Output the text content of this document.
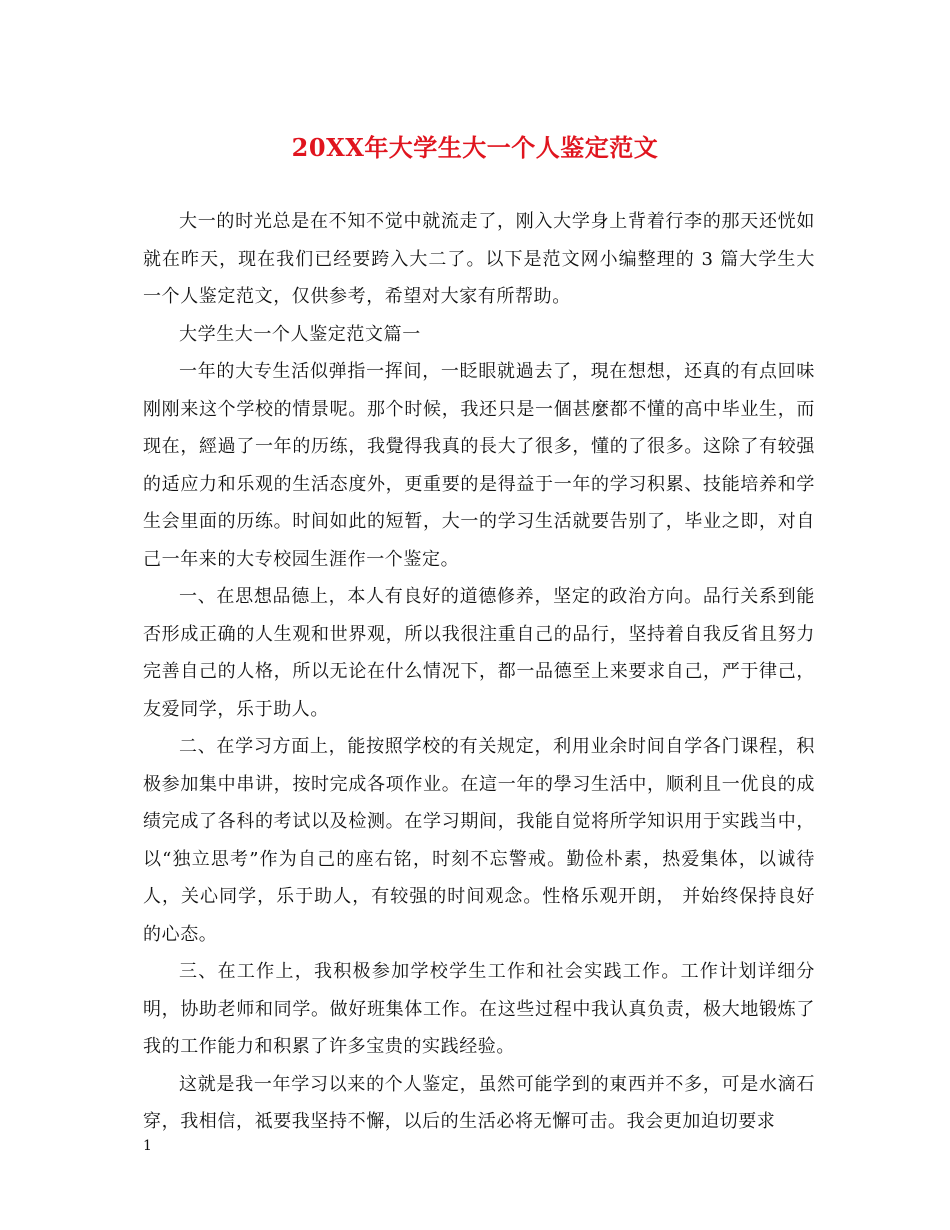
20XX年大学生大一个人鉴定范文

大一的时光总是在不知不觉中就流走了，刚入大学身上背着行李的那天还恍如就在昨天，现在我们已经要跨入大二了。以下是范文网小编整理的 3 篇大学生大一个人鉴定范文，仅供参考，希望对大家有所帮助。

大学生大一个人鉴定范文篇一

一年的大专生活似弹指一挥间，一眨眼就過去了，現在想想，还真的有点回味刚刚来这个学校的情景呢。那个时候，我还只是一個甚麼都不懂的高中毕业生，而现在，經過了一年的历练，我覺得我真的長大了很多，懂的了很多。这除了有较强的适应力和乐观的生活态度外，更重要的是得益于一年的学习积累、技能培养和学生会里面的历练。时间如此的短暂，大一的学习生活就要告别了，毕业之即，对自己一年来的大专校园生涯作一个鉴定。

一、在思想品德上，本人有良好的道德修养，坚定的政治方向。品行关系到能否形成正确的人生观和世界观，所以我很注重自己的品行，坚持着自我反省且努力完善自己的人格，所以无论在什么情况下，都一品德至上来要求自己，严于律己，友爱同学，乐于助人。

二、在学习方面上，能按照学校的有关规定，利用业余时间自学各门课程，积极参加集中串讲，按时完成各项作业。在這一年的學习生活中，顺利且一优良的成绩完成了各科的考试以及检测。在学习期间，我能自觉将所学知识用于实践当中，以“独立思考”作为自己的座右铭，时刻不忘警戒。勤俭朴素，热爱集体，以诚待人，关心同学，乐于助人，有较强的时间观念。性格乐观开朗， 并始终保持良好的心态。

三、在工作上，我积极参加学校学生工作和社会实践工作。工作计划详细分明，协助老师和同学。做好班集体工作。在这些过程中我认真负责，极大地锻炼了我的工作能力和积累了许多宝贵的实践经验。

这就是我一年学习以来的个人鉴定，虽然可能学到的東西并不多，可是水滴石穿，我相信，祗要我坚持不懈，以后的生活必将无懈可击。我会更加迫切要求

1
